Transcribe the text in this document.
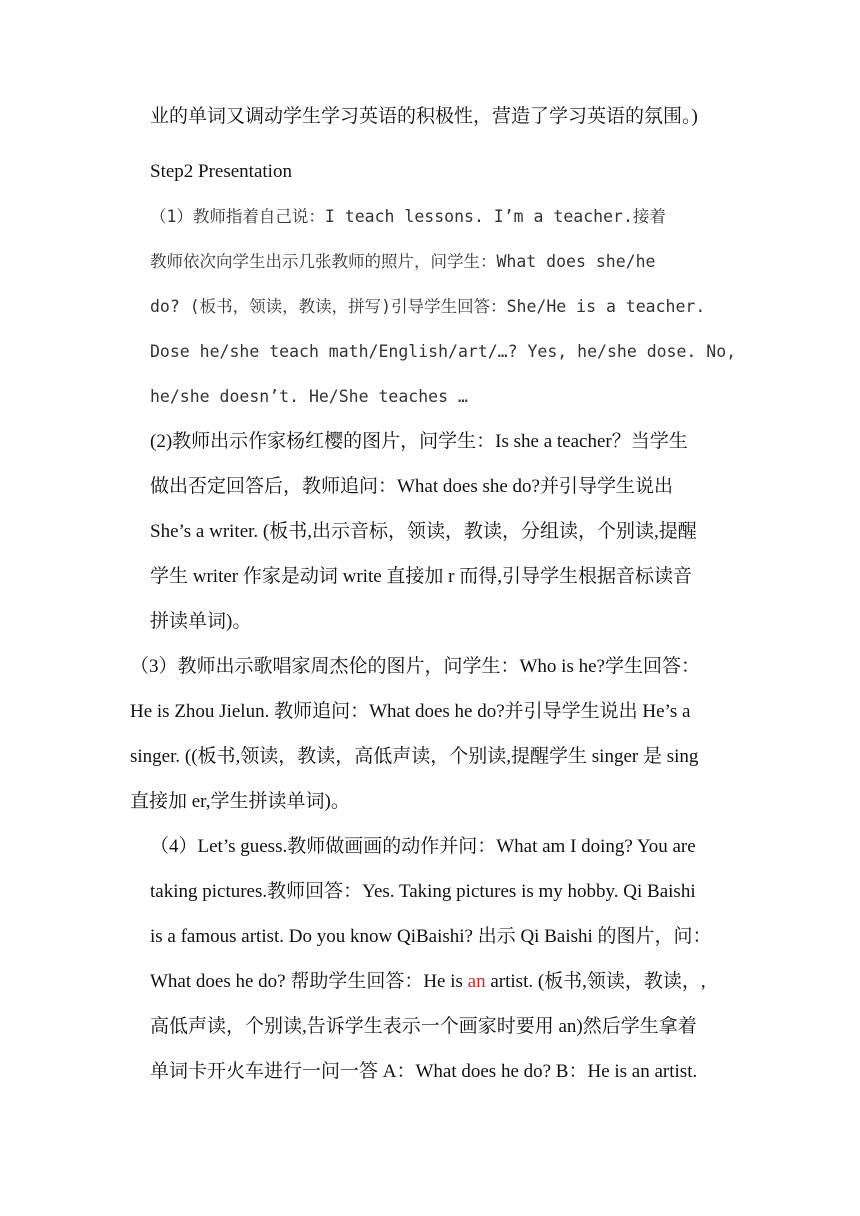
业的单词又调动学生学习英语的积极性，营造了学习英语的氛围。)
Step2 Presentation
（1）教师指着自己说：I teach lessons. I’m a teacher.接着
教师依次向学生出示几张教师的照片，问学生：What does she/he
do? (板书，领读，教读，拼写)引导学生回答：She/He is a teacher.
Dose he/she teach math/English/art/…? Yes, he/she dose. No,
he/she doesn’t. He/She teaches …
(2)教师出示作家杨红樱的图片，问学生：Is she a teacher？当学生
做出否定回答后，教师追问：What does she do?并引导学生说出
She’s a writer. (板书,出示音标，领读，教读，分组读，个别读,提醒
学生 writer 作家是动词 write 直接加 r 而得,引导学生根据音标读音
拼读单词)。
（3）教师出示歌唱家周杰伦的图片，问学生：Who is he?学生回答：
He is Zhou Jielun. 教师追问：What does he do?并引导学生说出 He’s a
singer. ((板书,领读，教读，高低声读，个别读,提醒学生 singer 是 sing
直接加 er,学生拼读单词)。
（4）Let’s guess.教师做画画的动作并问：What am I doing? You are
taking pictures.教师回答：Yes. Taking pictures is my hobby. Qi Baishi
is a famous artist. Do you know QiBaishi? 出示 Qi Baishi 的图片，问：
What does he do? 帮助学生回答：He is an artist. (板书,领读，教读，,
高低声读，个别读,告诉学生表示一个画家时要用 an)然后学生拿着
单词卡开火车进行一问一答 A：What does he do? B：He is an artist.
